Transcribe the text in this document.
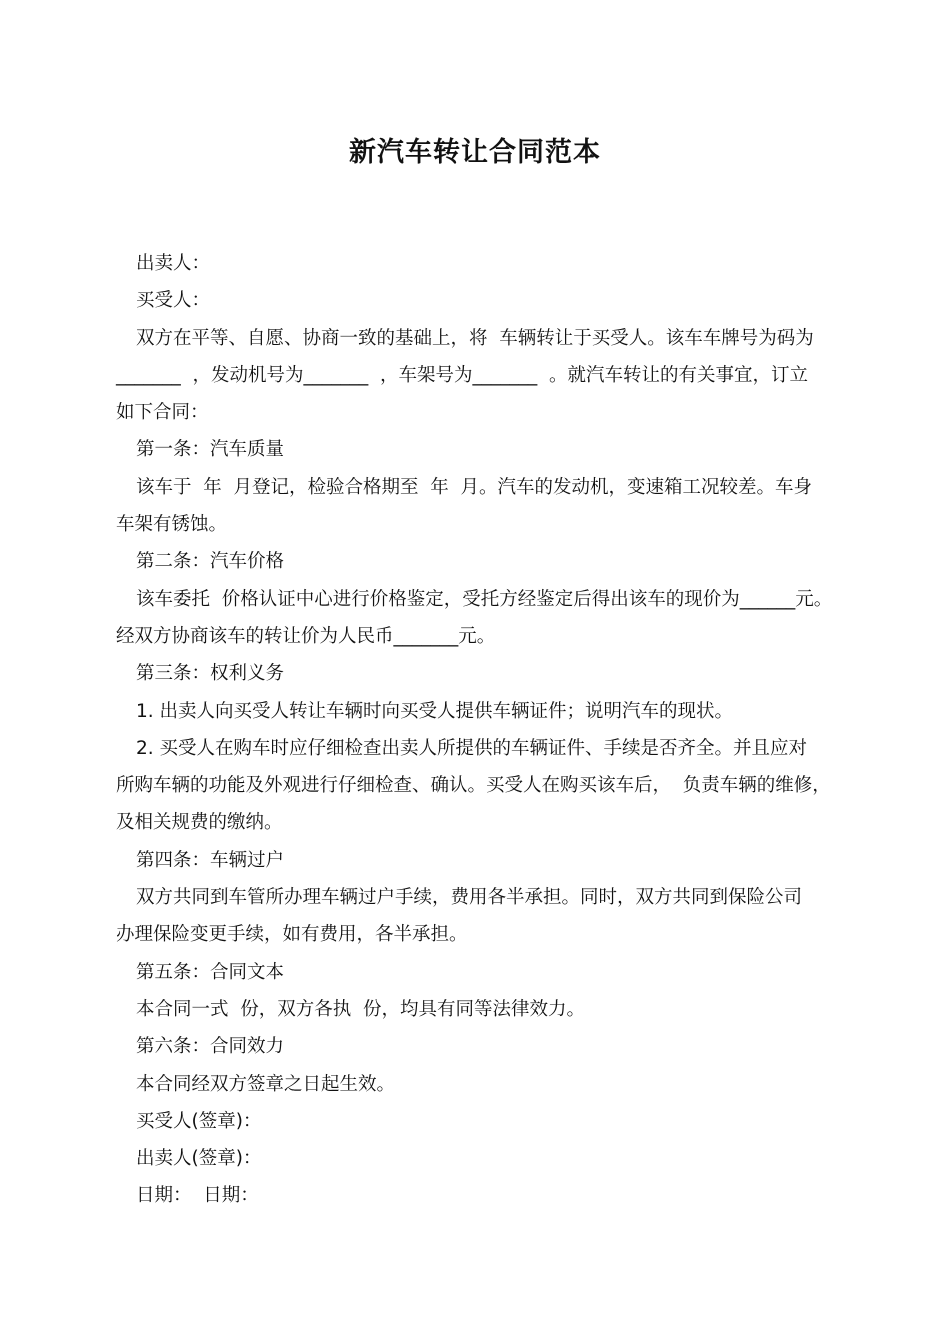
新汽车转让合同范本
出卖人：
买受人：
双方在平等、自愿、协商一致的基础上，将  车辆转让于买受人。该车车牌号为码为
_______  ，发动机号为_______  ，车架号为_______  。就汽车转让的有关事宜，订立
如下合同：
第一条：汽车质量
该车于  年  月登记，检验合格期至  年  月。汽车的发动机，变速箱工况较差。车身
车架有锈蚀。
第二条：汽车价格
该车委托  价格认证中心进行价格鉴定，受托方经鉴定后得出该车的现价为______元。
经双方协商该车的转让价为人民币_______元。
第三条：权利义务
1. 出卖人向买受人转让车辆时向买受人提供车辆证件；说明汽车的现状。
2. 买受人在购车时应仔细检查出卖人所提供的车辆证件、手续是否齐全。并且应对
所购车辆的功能及外观进行仔细检查、确认。买受人在购买该车后，  负责车辆的维修，
及相关规费的缴纳。
第四条：车辆过户
双方共同到车管所办理车辆过户手续，费用各半承担。同时，双方共同到保险公司
办理保险变更手续，如有费用，各半承担。
第五条：合同文本
本合同一式  份，双方各执  份，均具有同等法律效力。
第六条：合同效力
本合同经双方签章之日起生效。
买受人(签章)：
出卖人(签章)：
日期：  日期：
